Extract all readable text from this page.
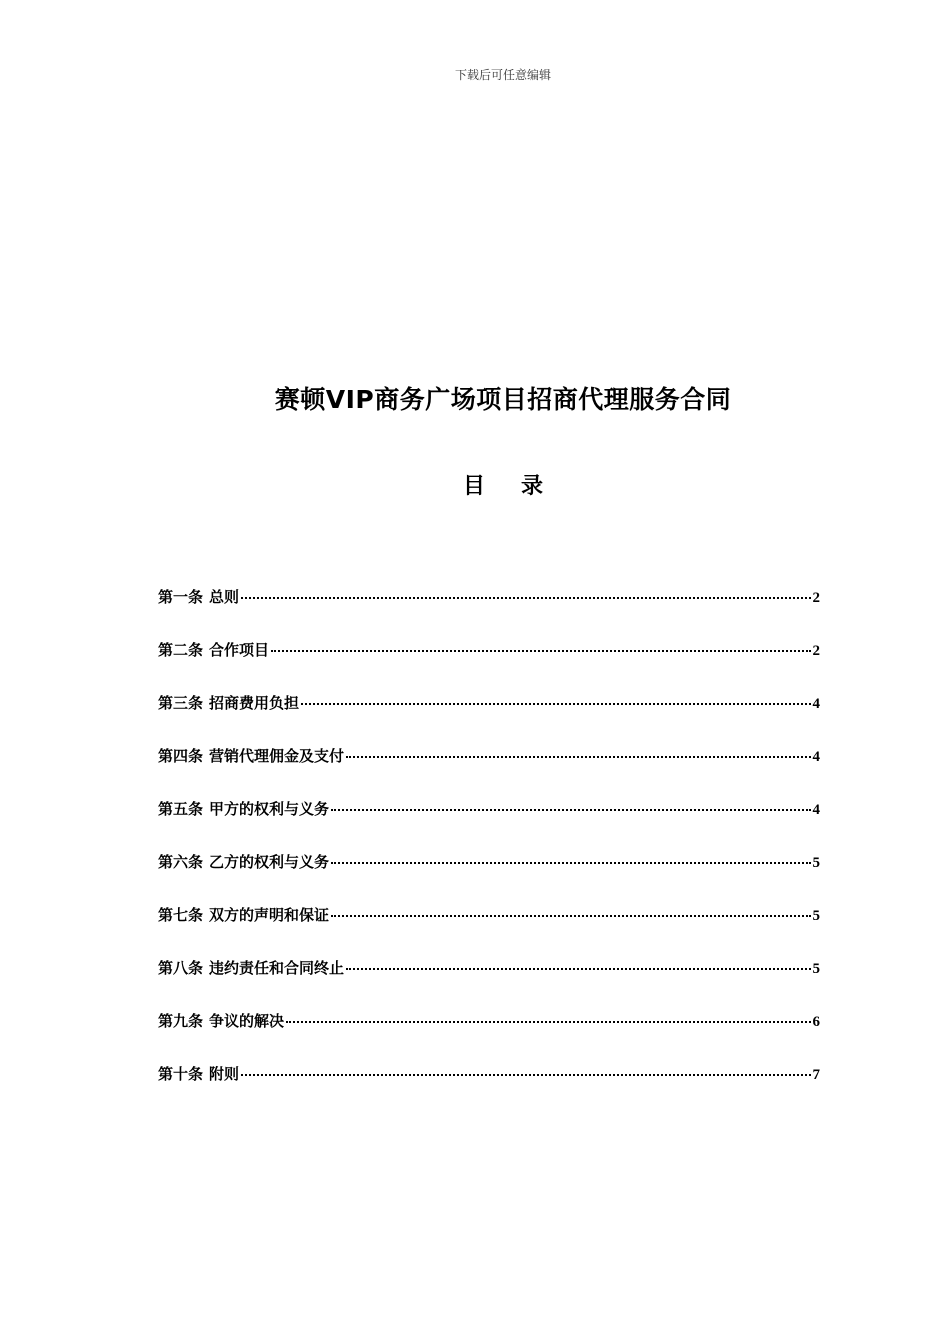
下载后可任意编辑
赛顿VIP商务广场项目招商代理服务合同
目 录
第一条 总则	2
第二条 合作项目	2
第三条 招商费用负担	4
第四条 营销代理佣金及支付	4
第五条 甲方的权利与义务	4
第六条 乙方的权利与义务	5
第七条 双方的声明和保证	5
第八条 违约责任和合同终止	5
第九条 争议的解决	6
第十条 附则	7
